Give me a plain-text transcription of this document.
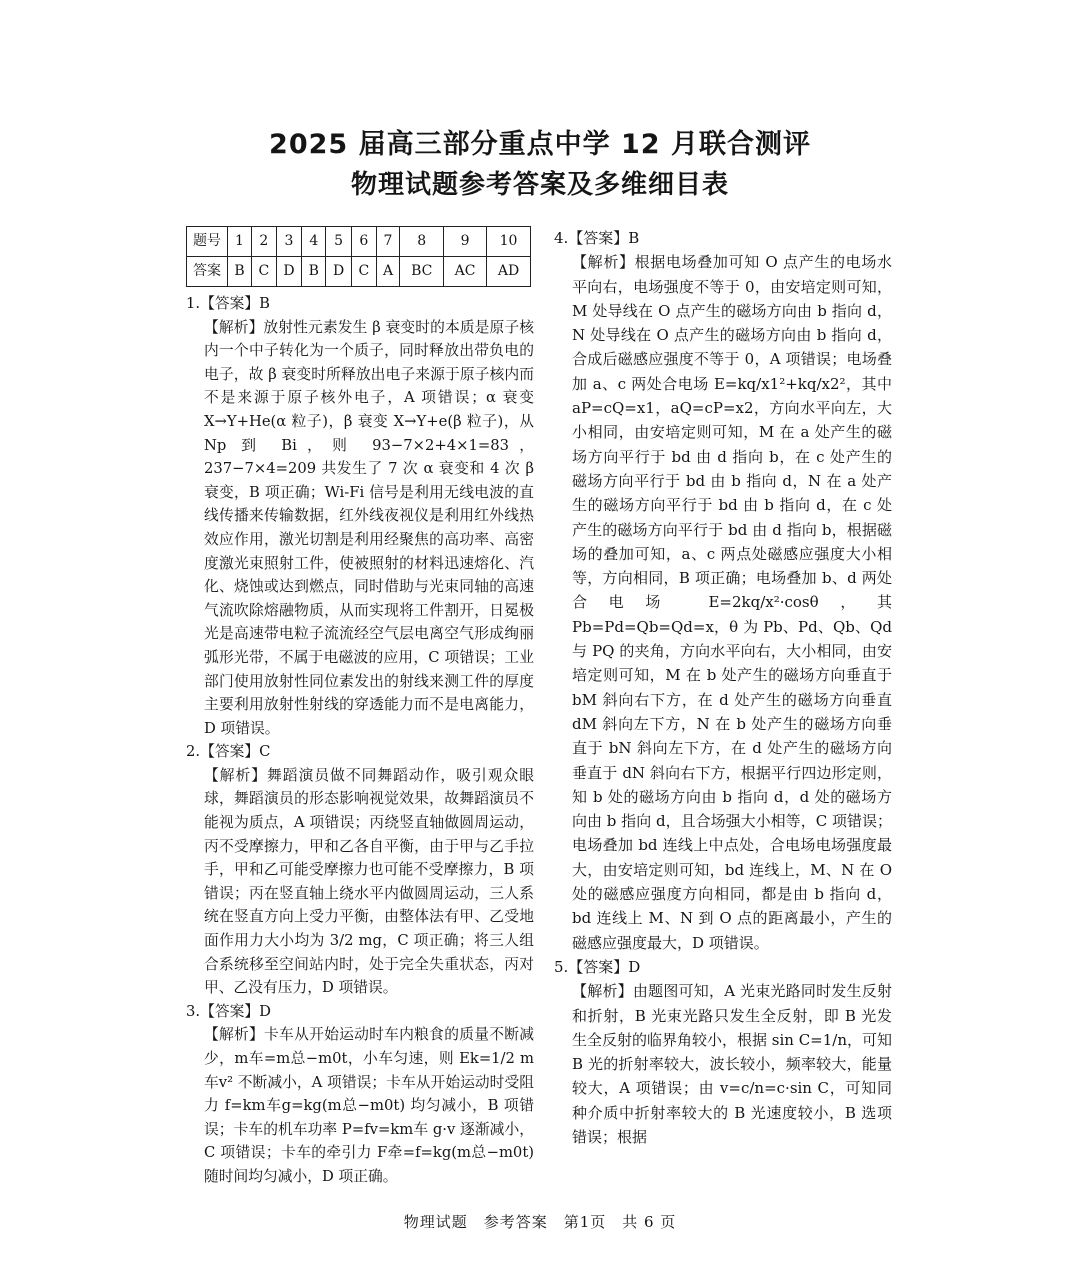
2025 届高三部分重点中学 12 月联合测评
物理试题参考答案及多维细目表
题号	1	2	3	4	5	6	7	8	9	10
答案	B	C	D	B	D	C	A	BC	AC	AD

1.【答案】B

【解析】放射性元素发生 β 衰变时的本质是原子核内一个中子转化为一个质子，同时释放出带负电的电子，故 β 衰变时所释放出电子来源于原子核内而不是来源于原子核外电子，A 项错误；α 衰变 X→Y+He(α 粒子)，β 衰变 X→Y+e(β 粒子)，从 Np 到 Bi，则 93−7×2+4×1=83，237−7×4=209 共发生了 7 次 α 衰变和 4 次 β 衰变，B 项正确；Wi-Fi 信号是利用无线电波的直线传播来传输数据，红外线夜视仪是利用红外线热效应作用，激光切割是利用经聚焦的高功率、高密度激光束照射工件，使被照射的材料迅速熔化、汽化、烧蚀或达到燃点，同时借助与光束同轴的高速气流吹除熔融物质，从而实现将工件割开，日冕极光是高速带电粒子流流经空气层电离空气形成绚丽弧形光带，不属于电磁波的应用，C 项错误；工业部门使用放射性同位素发出的射线来测工件的厚度主要利用放射性射线的穿透能力而不是电离能力，D 项错误。

2.【答案】C

【解析】舞蹈演员做不同舞蹈动作，吸引观众眼球，舞蹈演员的形态影响视觉效果，故舞蹈演员不能视为质点，A 项错误；丙绕竖直轴做圆周运动，丙不受摩擦力，甲和乙各自平衡，由于甲与乙手拉手，甲和乙可能受摩擦力也可能不受摩擦力，B 项错误；丙在竖直轴上绕水平内做圆周运动，三人系统在竖直方向上受力平衡，由整体法有甲、乙受地面作用力大小均为 3/2 mg，C 项正确；将三人组合系统移至空间站内时，处于完全失重状态，丙对甲、乙没有压力，D 项错误。

3.【答案】D

【解析】卡车从开始运动时车内粮食的质量不断减少，m车=m总−m0t，小车匀速，则 Ek=1/2 m车v² 不断减小，A 项错误；卡车从开始运动时受阻力 f=km车g=kg(m总−m0t) 均匀减小，B 项错误；卡车的机车功率 P=fv=km车 g·v 逐渐减小，C 项错误；卡车的牵引力 F牵=f=kg(m总−m0t) 随时间均匀减小，D 项正确。

4.【答案】B

【解析】根据电场叠加可知 O 点产生的电场水平向右，电场强度不等于 0，由安培定则可知，M 处导线在 O 点产生的磁场方向由 b 指向 d，N 处导线在 O 点产生的磁场方向由 b 指向 d，合成后磁感应强度不等于 0，A 项错误；电场叠加 a、c 两处合电场 E=kq/x1²+kq/x2²，其中 aP=cQ=x1，aQ=cP=x2，方向水平向左，大小相同，由安培定则可知，M 在 a 处产生的磁场方向平行于 bd 由 d 指向 b，在 c 处产生的磁场方向平行于 bd 由 b 指向 d，N 在 a 处产生的磁场方向平行于 bd 由 b 指向 d，在 c 处产生的磁场方向平行于 bd 由 d 指向 b，根据磁场的叠加可知，a、c 两点处磁感应强度大小相等，方向相同，B 项正确；电场叠加 b、d 两处合电场 E=2kq/x²·cosθ，其 Pb=Pd=Qb=Qd=x，θ 为 Pb、Pd、Qb、Qd 与 PQ 的夹角，方向水平向右，大小相同，由安培定则可知，M 在 b 处产生的磁场方向垂直于 bM 斜向右下方，在 d 处产生的磁场方向垂直 dM 斜向左下方，N 在 b 处产生的磁场方向垂直于 bN 斜向左下方，在 d 处产生的磁场方向垂直于 dN 斜向右下方，根据平行四边形定则，知 b 处的磁场方向由 b 指向 d，d 处的磁场方向由 b 指向 d，且合场强大小相等，C 项错误；电场叠加 bd 连线上中点处，合电场电场强度最大，由安培定则可知，bd 连线上，M、N 在 O 处的磁感应强度方向相同，都是由 b 指向 d，bd 连线上 M、N 到 O 点的距离最小，产生的磁感应强度最大，D 项错误。

5.【答案】D

【解析】由题图可知，A 光束光路同时发生反射和折射，B 光束光路只发生全反射，即 B 光发生全反射的临界角较小，根据 sin C=1/n，可知 B 光的折射率较大，波长较小，频率较大，能量较大，A 项错误；由 v=c/n=c·sin C，可知同种介质中折射率较大的 B 光速度较小，B 选项错误；根据

物理试题　参考答案　第1页　共 6 页
